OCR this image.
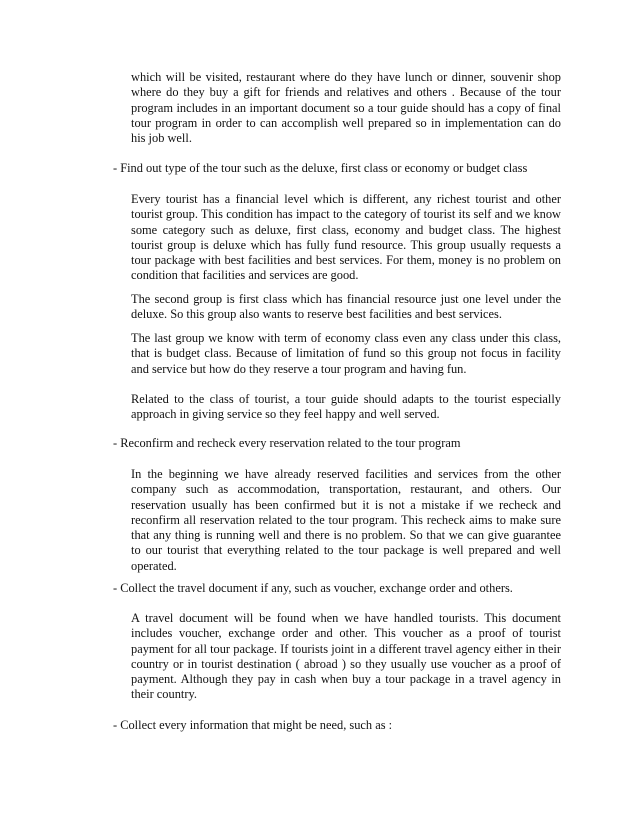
which will be visited, restaurant where do they have lunch or dinner, souvenir shop where do they buy a gift for friends and relatives and others . Because of the tour program includes in an important document so a tour guide should has a copy of final tour program in order to can accomplish well prepared so in implementation can do his job well.

- Find out type of the tour such as the deluxe, first class or economy or budget class

Every tourist has a financial level which is different, any richest tourist and other tourist group. This condition has impact to the category of tourist its self and we know some category such as deluxe, first class, economy and budget class. The highest tourist group is deluxe which has fully fund resource. This group usually requests a tour package with best facilities and best services. For them, money is no problem on condition that facilities and services are good.

The second group is first class which has financial resource just one level under the deluxe. So this group also wants to reserve best facilities and best services.

The last group we know with term of economy class even any class under this class, that is budget class. Because of limitation of fund so this group not focus in facility and service but how do they reserve a tour program and having fun.

Related to the class of tourist, a tour guide should adapts to the tourist especially approach in giving service so they feel happy and well served.

- Reconfirm and recheck every reservation related to the tour program

In the beginning we have already reserved facilities and services from the other company such as accommodation, transportation, restaurant, and others. Our reservation usually has been confirmed but it is not a mistake if we recheck and reconfirm all reservation related to the tour program. This recheck aims to make sure that any thing is running well and there is no problem. So that we can give guarantee to our tourist that everything related to the tour package is well prepared and well operated.

- Collect the travel document if any, such as voucher, exchange order and others.

A travel document will be found when we have handled tourists. This document includes voucher, exchange order and other. This voucher as a proof of tourist payment for all tour package. If tourists joint in a different travel agency either in their country or in tourist destination ( abroad ) so they usually use voucher as a proof of payment. Although they pay in cash when buy a tour package in a travel agency in their country.

- Collect every information that might be need, such as :
